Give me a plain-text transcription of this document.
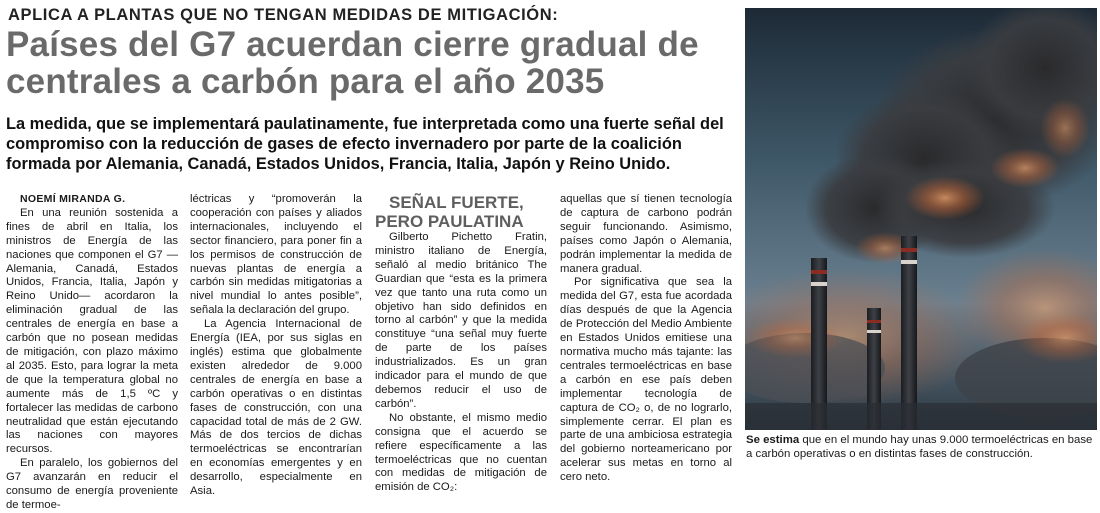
APLICA A PLANTAS QUE NO TENGAN MEDIDAS DE MITIGACIÓN:
Países del G7 acuerdan cierre gradual de centrales a carbón para el año 2035

La medida, que se implementará paulatinamente, fue interpretada como una fuerte señal del compromiso con la reducción de gases de efecto invernadero por parte de la coalición formada por Alemania, Canadá, Estados Unidos, Francia, Italia, Japón y Reino Unido.

NOEMÍ MIRANDA G.

En una reunión sostenida a fines de abril en Italia, los ministros de Energía de las naciones que componen el G7 —Alemania, Canadá, Estados Unidos, Francia, Italia, Japón y Reino Unido— acordaron la eliminación gradual de las centrales de energía en base a carbón que no posean medidas de mitigación, con plazo máximo al 2035. Esto, para lograr la meta de que la temperatura global no aumente más de 1,5 ºC y fortalecer las medidas de carbono neutralidad que están ejecutando las naciones con mayores recursos.

En paralelo, los gobiernos del G7 avanzarán en reducir el consumo de energía proveniente de termoe-

léctricas y “promoverán la cooperación con países y aliados internacionales, incluyendo el sector financiero, para poner fin a los permisos de construcción de nuevas plantas de energía a carbón sin medidas mitigatorias a nivel mundial lo antes posible”, señala la declaración del grupo.

La Agencia Internacional de Energía (IEA, por sus siglas en inglés) estima que globalmente existen alrededor de 9.000 centrales de energía en base a carbón operativas o en distintas fases de construcción, con una capacidad total de más de 2 GW. Más de dos tercios de dichas termoeléctricas se encontrarían en economías emergentes y en desarrollo, especialmente en Asia.

SEÑAL FUERTE, PERO PAULATINA

Gilberto Pichetto Fratin, ministro italiano de Energía, señaló al medio británico The Guardian que “esta es la primera vez que tanto una ruta como un objetivo han sido definidos en torno al carbón” y que la medida constituye “una señal muy fuerte de parte de los países industrializados. Es un gran indicador para el mundo de que debemos reducir el uso de carbón”.

No obstante, el mismo medio consigna que el acuerdo se refiere específicamente a las termoeléctricas que no cuentan con medidas de mitigación de emisión de CO₂:

aquellas que sí tienen tecnología de captura de carbono podrán seguir funcionando. Asimismo, países como Japón o Alemania, podrán implementar la medida de manera gradual.

Por significativa que sea la medida del G7, esta fue acordada días después de que la Agencia de Protección del Medio Ambiente en Estados Unidos emitiese una normativa mucho más tajante: las centrales termoeléctricas en base a carbón en ese país deben implementar tecnología de captura de CO₂ o, de no lograrlo, simplemente cerrar. El plan es parte de una ambiciosa estrategia del gobierno norteamericano por acelerar sus metas en torno al cero neto.

Se estima que en el mundo hay unas 9.000 termoeléctricas en base a carbón operativas o en distintas fases de construcción.
